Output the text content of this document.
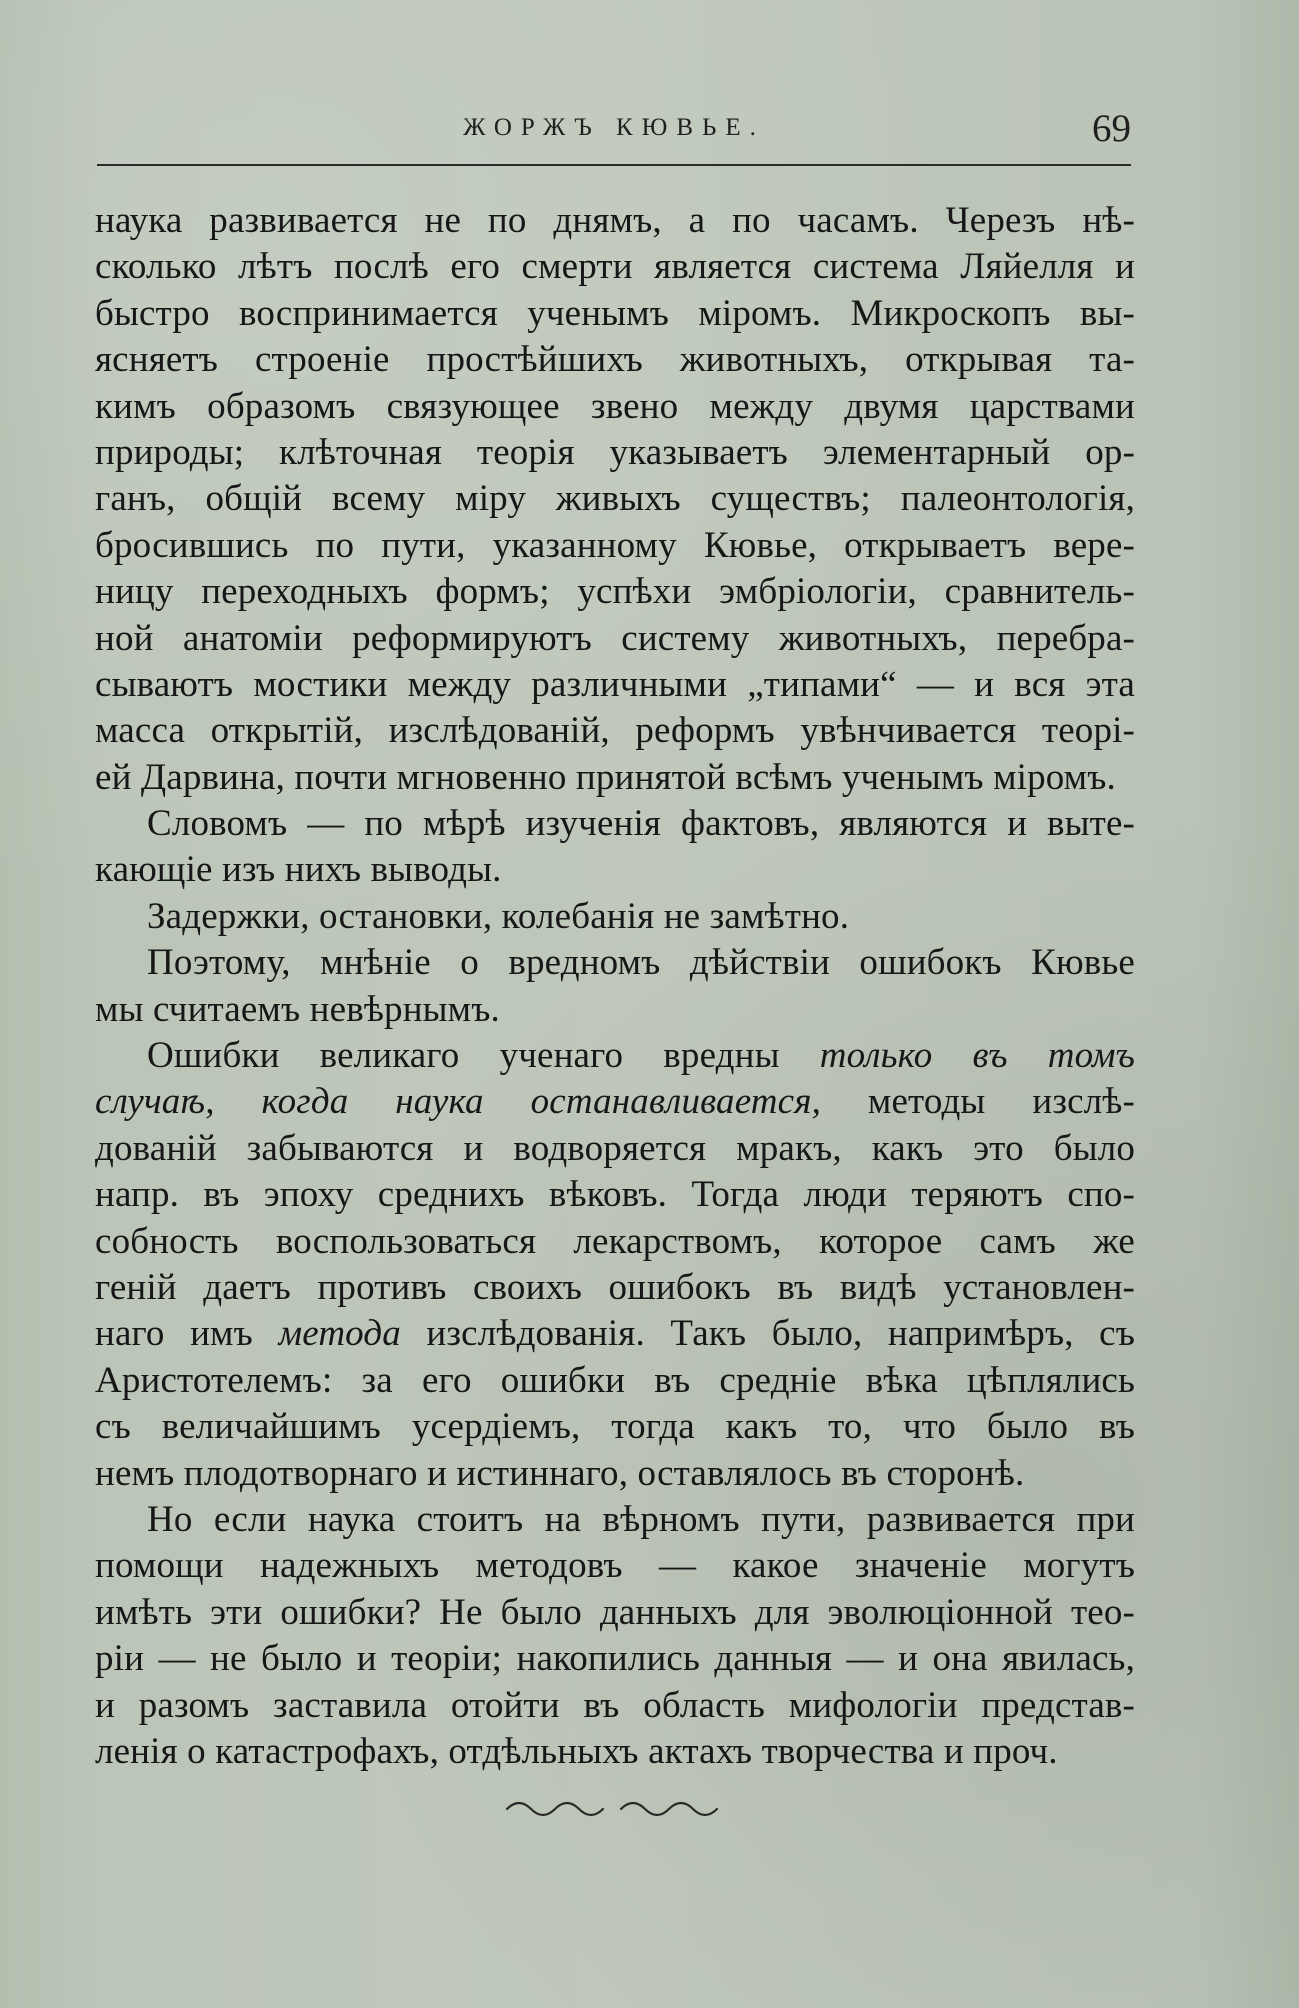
ЖОРЖЪ КЮВЬЕ.	69
наука развивается не по днямъ, а по часамъ. Черезъ нѣ-
сколько лѣтъ послѣ его смерти является система Ляйелля и
быстро воспринимается ученымъ міромъ. Микроскопъ вы-
ясняетъ строеніе простѣйшихъ животныхъ, открывая та-
кимъ образомъ связующее звено между двумя царствами
природы; клѣточная теорія указываетъ элементарный ор-
ганъ, общій всему міру живыхъ существъ; палеонтологія,
бросившись по пути, указанному Кювье, открываетъ вере-
ницу переходныхъ формъ; успѣхи эмбріологіи, сравнитель-
ной анатоміи реформируютъ систему животныхъ, перебра-
сываютъ мостики между различными „типами“ — и вся эта
масса открытій, изслѣдованій, реформъ увѣнчивается теорі-
ей Дарвина, почти мгновенно принятой всѣмъ ученымъ міромъ.
Словомъ — по мѣрѣ изученія фактовъ, являются и выте-
кающіе изъ нихъ выводы.
Задержки, остановки, колебанія не замѣтно.
Поэтому, мнѣніе о вредномъ дѣйствіи ошибокъ Кювье
мы считаемъ невѣрнымъ.
Ошибки великаго ученаго вредны только въ томъ
случаѣ, когда наука останавливается, методы изслѣ-
дованій забываются и водворяется мракъ, какъ это было
напр. въ эпоху среднихъ вѣковъ. Тогда люди теряютъ спо-
собность воспользоваться лекарствомъ, которое самъ же
геній даетъ противъ своихъ ошибокъ въ видѣ установлен-
наго имъ метода изслѣдованія. Такъ было, напримѣръ, съ
Аристотелемъ: за его ошибки въ средніе вѣка цѣплялись
съ величайшимъ усердіемъ, тогда какъ то, что было въ
немъ плодотворнаго и истиннаго, оставлялось въ сторонѣ.
Но если наука стоитъ на вѣрномъ пути, развивается при
помощи надежныхъ методовъ — какое значеніе могутъ
имѣть эти ошибки? Не было данныхъ для эволюціонной тео-
ріи — не было и теоріи; накопились данныя — и она явилась,
и разомъ заставила отойти въ область мифологіи представ-
ленія о катастрофахъ, отдѣльныхъ актахъ творчества и проч.
